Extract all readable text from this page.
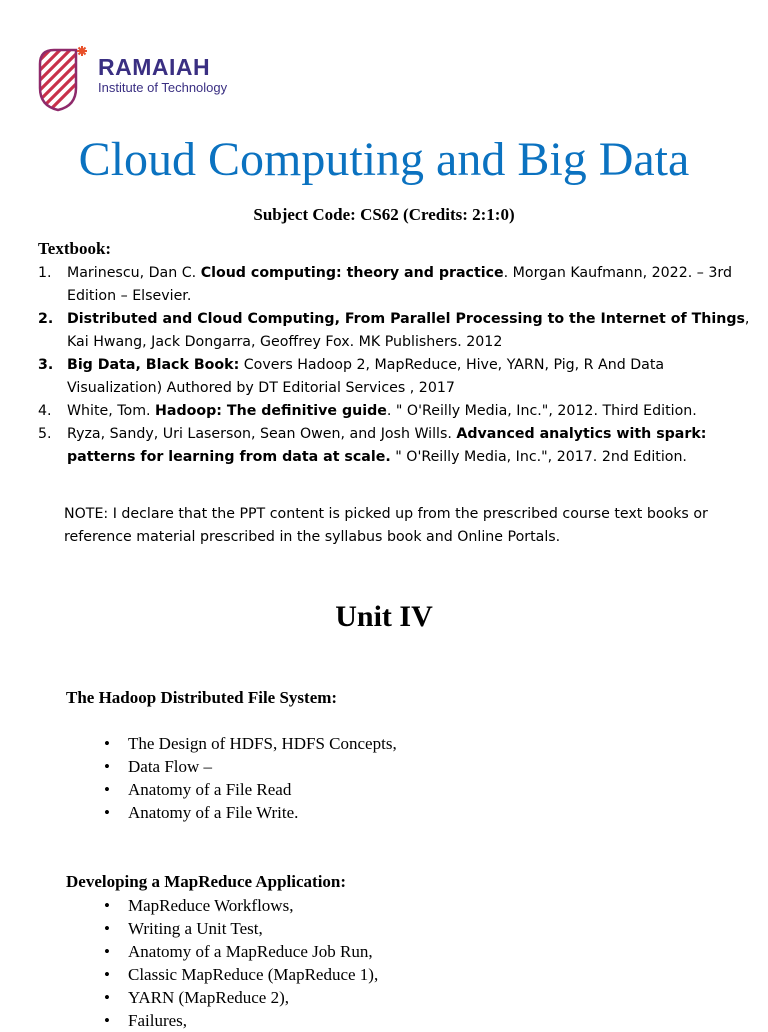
RAMAIAH
Institute of Technology
Cloud Computing and Big Data
Subject Code: CS62 (Credits: 2:1:0)
Textbook:
1. Marinescu, Dan C. Cloud computing: theory and practice. Morgan Kaufmann, 2022. – 3rd Edition – Elsevier.
2. Distributed and Cloud Computing, From Parallel Processing to the Internet of Things, Kai Hwang, Jack Dongarra, Geoffrey Fox. MK Publishers. 2012
3. Big Data, Black Book: Covers Hadoop 2, MapReduce, Hive, YARN, Pig, R And Data Visualization) Authored by DT Editorial Services , 2017
4. White, Tom. Hadoop: The definitive guide. " O'Reilly Media, Inc.", 2012. Third Edition.
5. Ryza, Sandy, Uri Laserson, Sean Owen, and Josh Wills. Advanced analytics with spark: patterns for learning from data at scale. " O'Reilly Media, Inc.", 2017. 2nd Edition.
NOTE: I declare that the PPT content is picked up from the prescribed course text books or reference material prescribed in the syllabus book and Online Portals.
Unit IV
The Hadoop Distributed File System:
• The Design of HDFS, HDFS Concepts,
• Data Flow –
• Anatomy of a File Read
• Anatomy of a File Write.
Developing a MapReduce Application:
• MapReduce Workflows,
• Writing a Unit Test,
• Anatomy of a MapReduce Job Run,
• Classic MapReduce (MapReduce 1),
• YARN (MapReduce 2),
• Failures,
